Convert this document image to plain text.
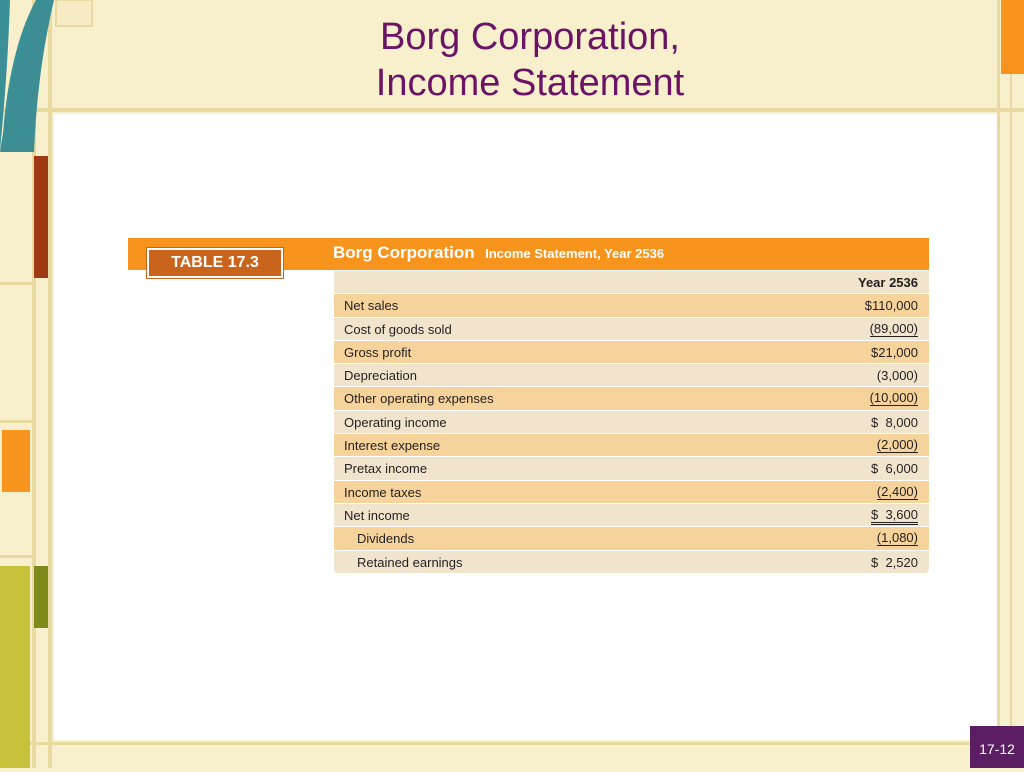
Borg Corporation,
Income Statement
Borg Corporation Income Statement, Year 2536
TABLE 17.3
Year 2536
Net sales	$110,000
Cost of goods sold	(89,000)
Gross profit	$21,000
Depreciation	(3,000)
Other operating expenses	(10,000)
Operating income	$  8,000
Interest expense	(2,000)
Pretax income	$  6,000
Income taxes	(2,400)
Net income	$  3,600
Dividends	(1,080)
Retained earnings	$  2,520
17-12
